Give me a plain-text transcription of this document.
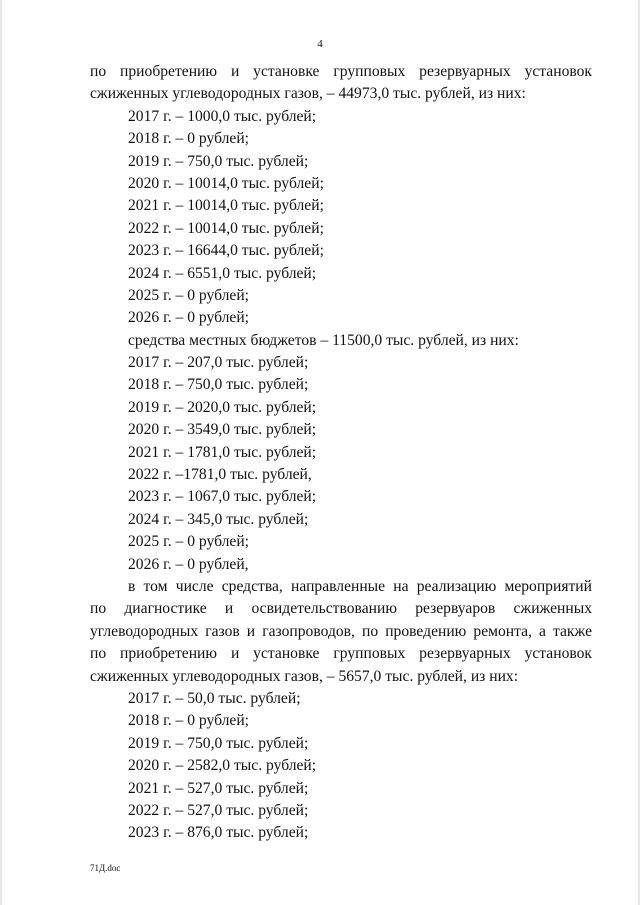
4
по приобретению и установке групповых резервуарных установок
сжиженных углеводородных газов, – 44973,0 тыс. рублей, из них:
2017 г. – 1000,0 тыс. рублей;
2018 г. – 0 рублей;
2019 г. – 750,0 тыс. рублей;
2020 г. – 10014,0 тыс. рублей;
2021 г. – 10014,0 тыс. рублей;
2022 г. – 10014,0 тыс. рублей;
2023 г. – 16644,0 тыс. рублей;
2024 г. – 6551,0 тыс. рублей;
2025 г. – 0 рублей;
2026 г. – 0 рублей;
средства местных бюджетов – 11500,0 тыс. рублей, из них:
2017 г. – 207,0 тыс. рублей;
2018 г. – 750,0 тыс. рублей;
2019 г. – 2020,0 тыс. рублей;
2020 г. – 3549,0 тыс. рублей;
2021 г. – 1781,0 тыс. рублей;
2022 г. –1781,0 тыс. рублей,
2023 г. – 1067,0 тыс. рублей;
2024 г. – 345,0 тыс. рублей;
2025 г. – 0 рублей;
2026 г. – 0 рублей,
в том числе средства, направленные на реализацию мероприятий
по диагностике и освидетельствованию резервуаров сжиженных
углеводородных газов и газопроводов, по проведению ремонта, а также
по приобретению и установке групповых резервуарных установок
сжиженных углеводородных газов, – 5657,0 тыс. рублей, из них:
2017 г. – 50,0 тыс. рублей;
2018 г. – 0 рублей;
2019 г. – 750,0 тыс. рублей;
2020 г. – 2582,0 тыс. рублей;
2021 г. – 527,0 тыс. рублей;
2022 г. – 527,0 тыс. рублей;
2023 г. – 876,0 тыс. рублей;
71Д.doc
